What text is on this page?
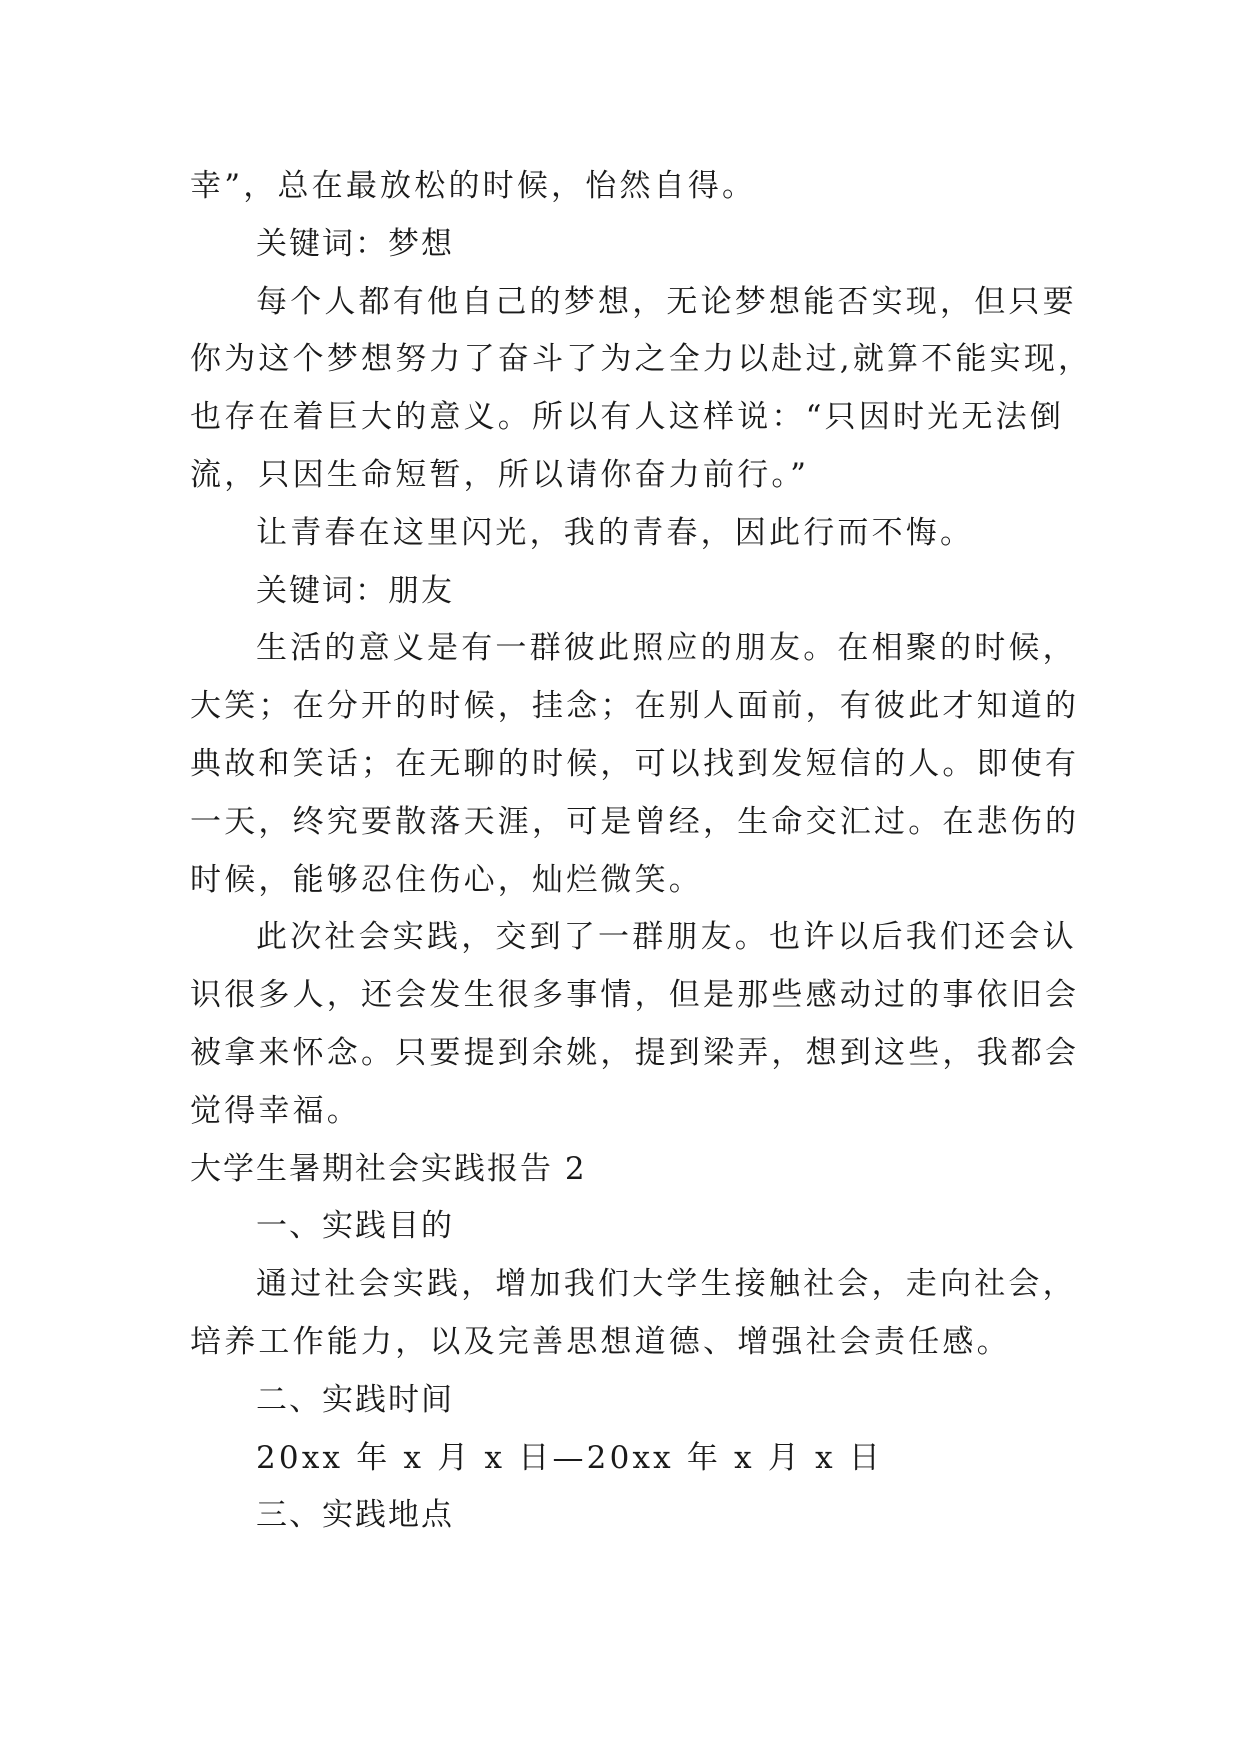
幸”，总在最放松的时候，怡然自得。

关键词：梦想

每个人都有他自己的梦想，无论梦想能否实现，但只要

你为这个梦想努力了奋斗了为之全力以赴过,就算不能实现，

也存在着巨大的意义。所以有人这样说：“只因时光无法倒

流，只因生命短暂，所以请你奋力前行。”

让青春在这里闪光，我的青春，因此行而不悔。

关键词：朋友

生活的意义是有一群彼此照应的朋友。在相聚的时候，

大笑；在分开的时候，挂念；在别人面前，有彼此才知道的

典故和笑话；在无聊的时候，可以找到发短信的人。即使有

一天，终究要散落天涯，可是曾经，生命交汇过。在悲伤的

时候，能够忍住伤心，灿烂微笑。

此次社会实践，交到了一群朋友。也许以后我们还会认

识很多人，还会发生很多事情，但是那些感动过的事依旧会

被拿来怀念。只要提到余姚，提到梁弄，想到这些，我都会

觉得幸福。

大学生暑期社会实践报告 2

一、实践目的

通过社会实践，增加我们大学生接触社会，走向社会，

培养工作能力，以及完善思想道德、增强社会责任感。

二、实践时间

20xx 年 x 月 x 日—20xx 年 x 月 x 日

三、实践地点
